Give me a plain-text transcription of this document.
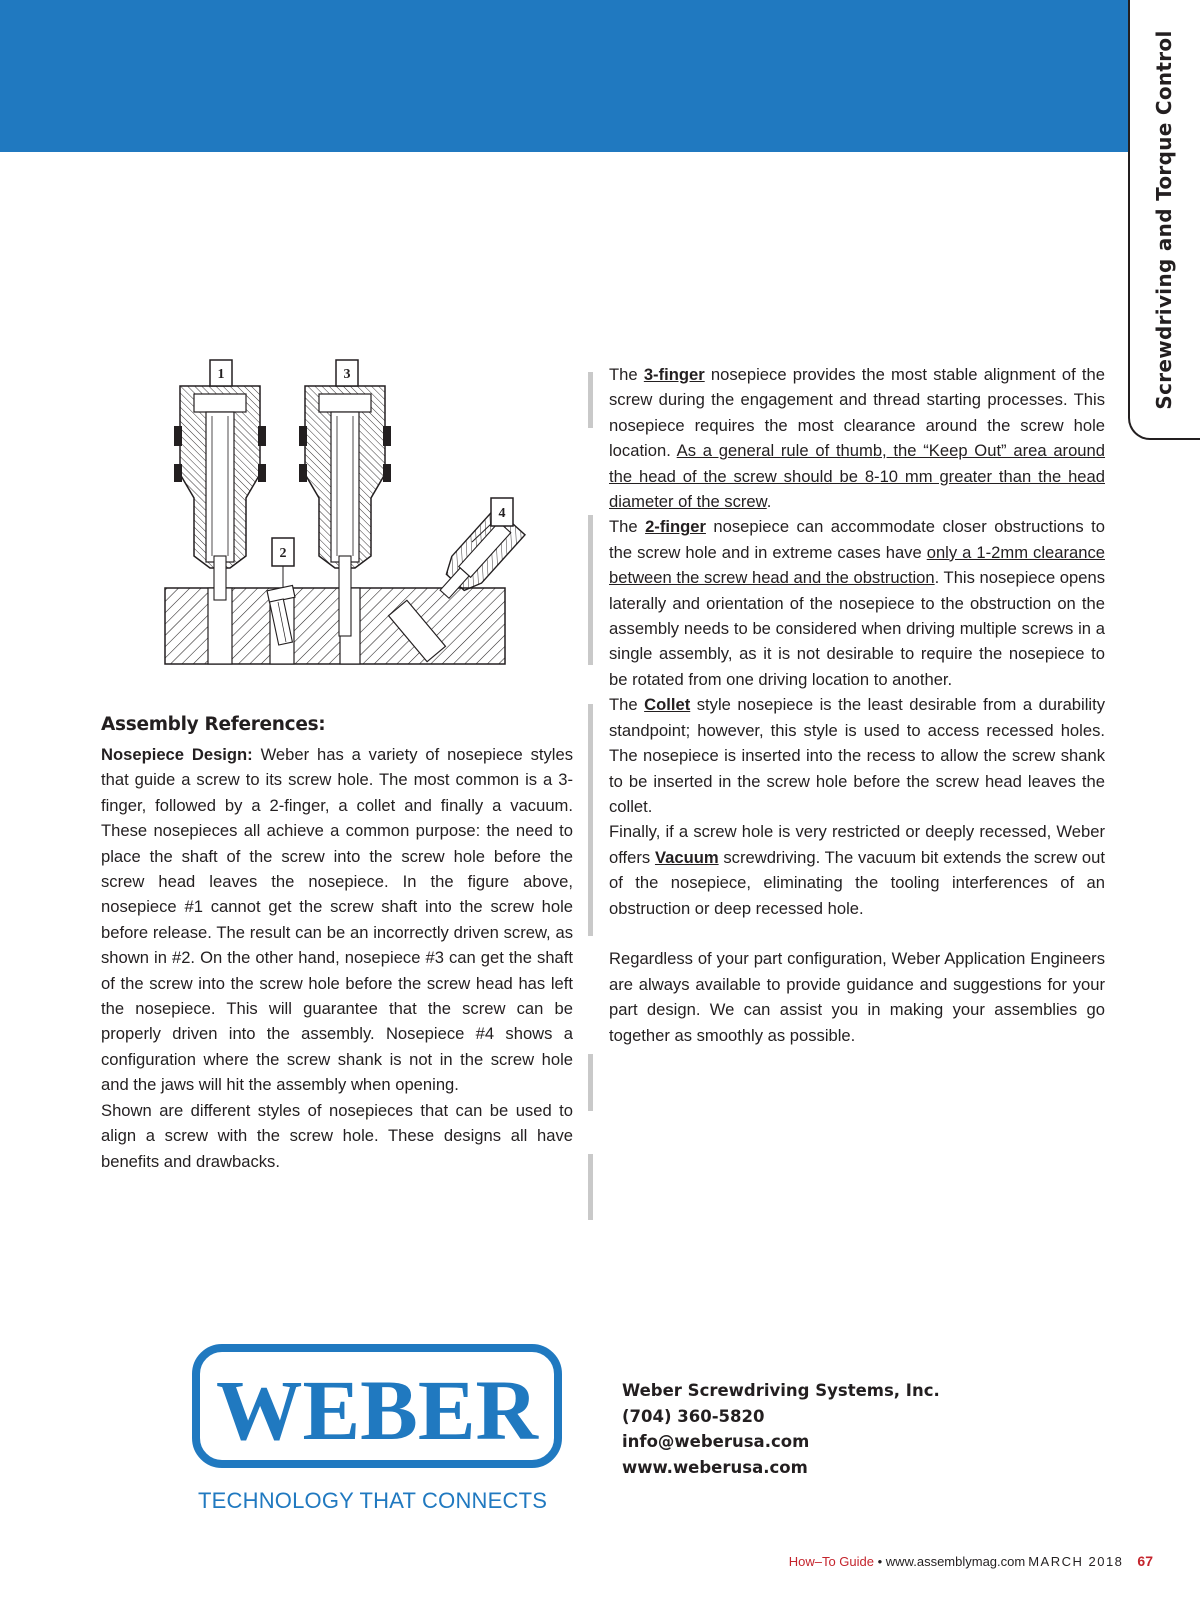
Screwdriving and Torque Control
1
2
3
4
Assembly References:

Nosepiece Design: Weber has a variety of nosepiece styles that guide a screw to its screw hole. The most common is a 3-finger, followed by a 2-finger, a collet and finally a vacuum. These nosepieces all achieve a common purpose: the need to place the shaft of the screw into the screw hole before the screw head leaves the nosepiece. In the figure above, nosepiece #1 cannot get the screw shaft into the screw hole before release. The result can be an incorrectly driven screw, as shown in #2. On the other hand, nosepiece #3 can get the shaft of the screw into the screw hole before the screw head has left the nosepiece. This will guarantee that the screw can be properly driven into the assembly. Nosepiece #4 shows a configuration where the screw shank is not in the screw hole and the jaws will hit the assembly when opening.

Shown are different styles of nosepieces that can be used to align a screw with the screw hole. These designs all have benefits and drawbacks.

The 3-finger nosepiece provides the most stable alignment of the screw during the engagement and thread starting processes. This nosepiece requires the most clearance around the screw hole location. As a general rule of thumb, the “Keep Out” area around the head of the screw should be 8-10 mm greater than the head diameter of the screw.

The 2-finger nosepiece can accommodate closer obstructions to the screw hole and in extreme cases have only a 1-2mm clearance between the screw head and the obstruction. This nosepiece opens laterally and orientation of the nosepiece to the obstruction on the assembly needs to be considered when driving multiple screws in a single assembly, as it is not desirable to require the nosepiece to be rotated from one driving location to another.

The Collet style nosepiece is the least desirable from a durability standpoint; however, this style is used to access recessed holes. The nosepiece is inserted into the recess to allow the screw shank to be inserted in the screw hole before the screw head leaves the collet.

Finally, if a screw hole is very restricted or deeply recessed, Weber offers Vacuum screwdriving. The vacuum bit extends the screw out of the nosepiece, eliminating the tooling interferences of an obstruction or deep recessed hole.

Regardless of your part configuration, Weber Application Engineers are always available to provide guidance and suggestions for your part design. We can assist you in making your assemblies go together as smoothly as possible.

WEBER
TECHNOLOGY THAT CONNECTS
Weber Screwdriving Systems, Inc.
(704) 360-5820
info@weberusa.com
www.weberusa.com
How–To Guide • www.assemblymag.com MARCH 2018 67
